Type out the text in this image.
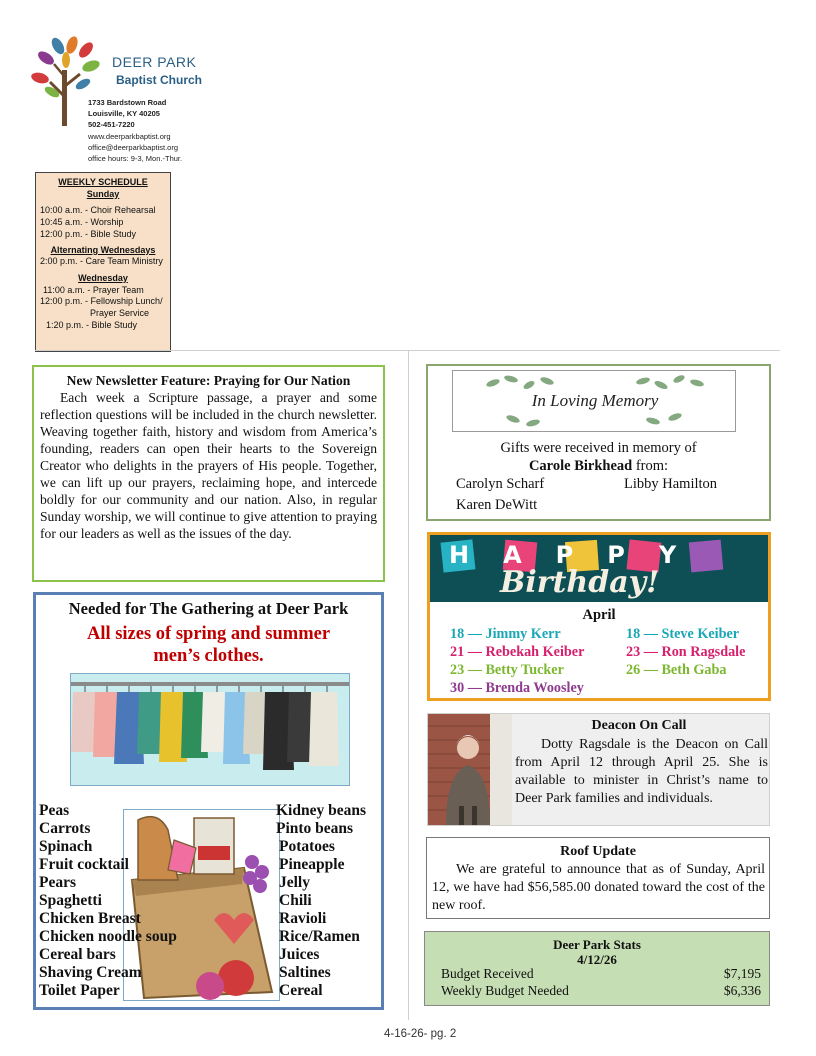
DEER PARK
Baptist Church
1733 Bardstown Road
Louisville, KY 40205
502-451-7220
www.deerparkbaptist.org
office@deerparkbaptist.org
office hours: 9-3, Mon.-Thur.
WEEKLY SCHEDULE
Sunday
10:00 a.m. - Choir Rehearsal
10:45 a.m. - Worship
12:00 p.m. - Bible Study
Alternating Wednesdays
2:00 p.m. - Care Team Ministry
Wednesday
11:00 a.m. - Prayer Team
12:00 p.m. - Fellowship Lunch/
Prayer Service
1:20 p.m. - Bible Study
New Newsletter Feature: Praying for Our Nation
Each week a Scripture passage, a prayer and some reflection questions will be included in the church newsletter. Weaving together faith, history and wisdom from America’s founding, readers can open their hearts to the Sovereign Creator who delights in the prayers of His people. Together, we can lift up our prayers, reclaiming hope, and intercede boldly for our community and our nation. Also, in regular Sunday worship, we will continue to give attention to praying for our leaders as well as the issues of the day.
Needed for The Gathering at Deer Park
All sizes of spring and summer
men’s clothes.
Peas
Carrots
Spinach
Fruit cocktail
Pears
Spaghetti
Chicken Breast
Chicken noodle soup
Cereal bars
Shaving Cream
Toilet Paper
Kidney beans
Pinto beans
Potatoes
Pineapple
Jelly
Chili
Ravioli
Rice/Ramen
Juices
Saltines
Cereal
In Loving Memory
Gifts were received in memory of
Carole Birkhead from:
Carolyn Scharf	Libby Hamilton
Karen DeWitt
HAPPY
Birthday!
April
18 — Jimmy Kerr	18 — Steve Keiber
21 — Rebekah Keiber	23 — Ron Ragsdale
23 — Betty Tucker	26 — Beth Gaba
30 — Brenda Woosley
Deacon On Call
Dotty Ragsdale is the Deacon on Call from April 12 through April 25. She is available to minister in Christ’s name to Deer Park families and individuals.
Roof Update
We are grateful to announce that as of Sunday, April 12, we have had $56,585.00 donated toward the cost of the new roof.
Deer Park Stats
4/12/26
Budget Received	$7,195
Weekly Budget Needed	$6,336
4-16-26- pg. 2
